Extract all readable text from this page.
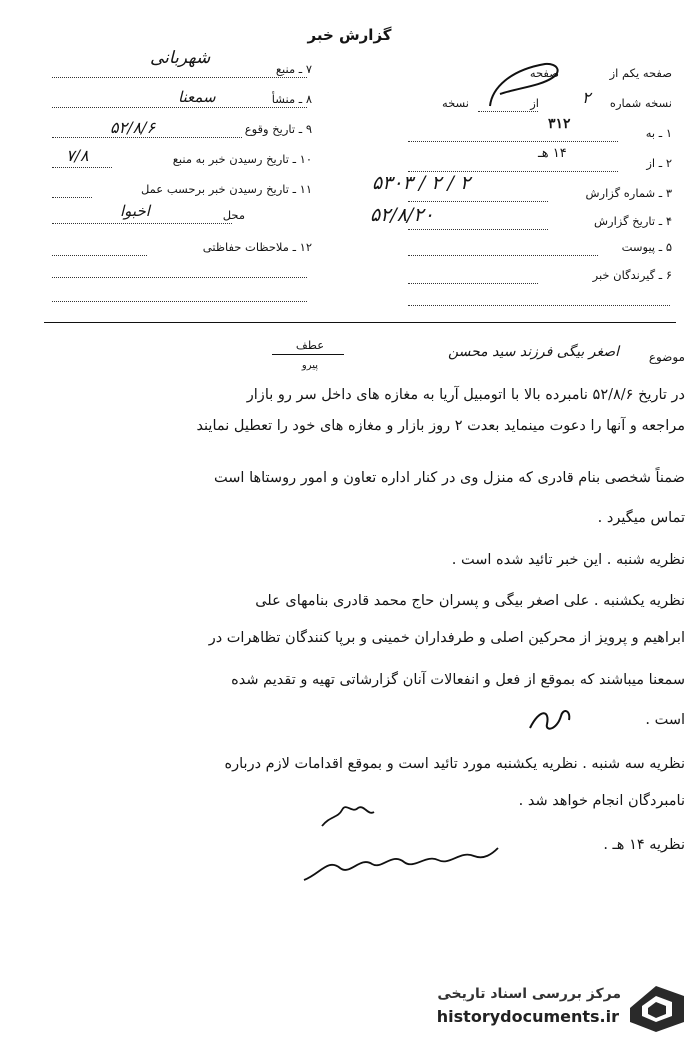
گزارش خبر
۷ ـ منبع
شهربانی
۸ ـ منشأ
سمعنا
۹ ـ تاریخ وقوع
۵۲/۸/۶
۱۰ ـ تاریخ رسیدن خبر به منبع
۷/۸
۱۱ ـ تاریخ رسیدن خبر برحسب عمل
محل
اخبوا
۱۲ ـ ملاحظات حفاظتی
صفحه یکم از
صفحه
نسخه شماره
۲
از
نسخه
۱ ـ به
۳۱۲
۲ ـ از
۱۴ هـ
۳ ـ شماره گزارش
۵۳۰۳ / ۲ / ۲
۴ ـ تاریخ گزارش
۵۲/۸/۲۰
۵ ـ پیوست
۶ ـ گیرندگان خبر
موضوع
اصغر بیگی فرزند سید محسن
عطف
پیرو
در تاریخ ۵۲/۸/۶ نامبرده بالا با اتومبیل آریا به مغازه های داخل سر رو بازار
مراجعه و آنها را دعوت مینماید بعدت ۲ روز بازار و مغازه های خود را تعطیل نمایند
ضمناً شخصی بنام قادری که منزل وی در کنار اداره تعاون و امور روستاها است
تماس میگیرد .
نظریه شنبه . این خبر تائید شده است .
نظریه یکشنبه . علی اصغر بیگی و پسران حاج محمد قادری بنامهای علی
ابراهیم و پرویز از محرکین اصلی و طرفداران خمینی و برپا کنندگان تظاهرات در
سمعنا میباشند که بموقع از فعل و انفعالات آنان گزارشاتی تهیه و تقدیم شده
است .
نظریه سه شنبه . نظریه یکشنبه مورد تائید است و بموقع اقدامات لازم درباره
نامبردگان انجام خواهد شد .
نظریه ۱۴ هـ .
مرکز بررسی اسناد تاریخی
historydocuments.ir
